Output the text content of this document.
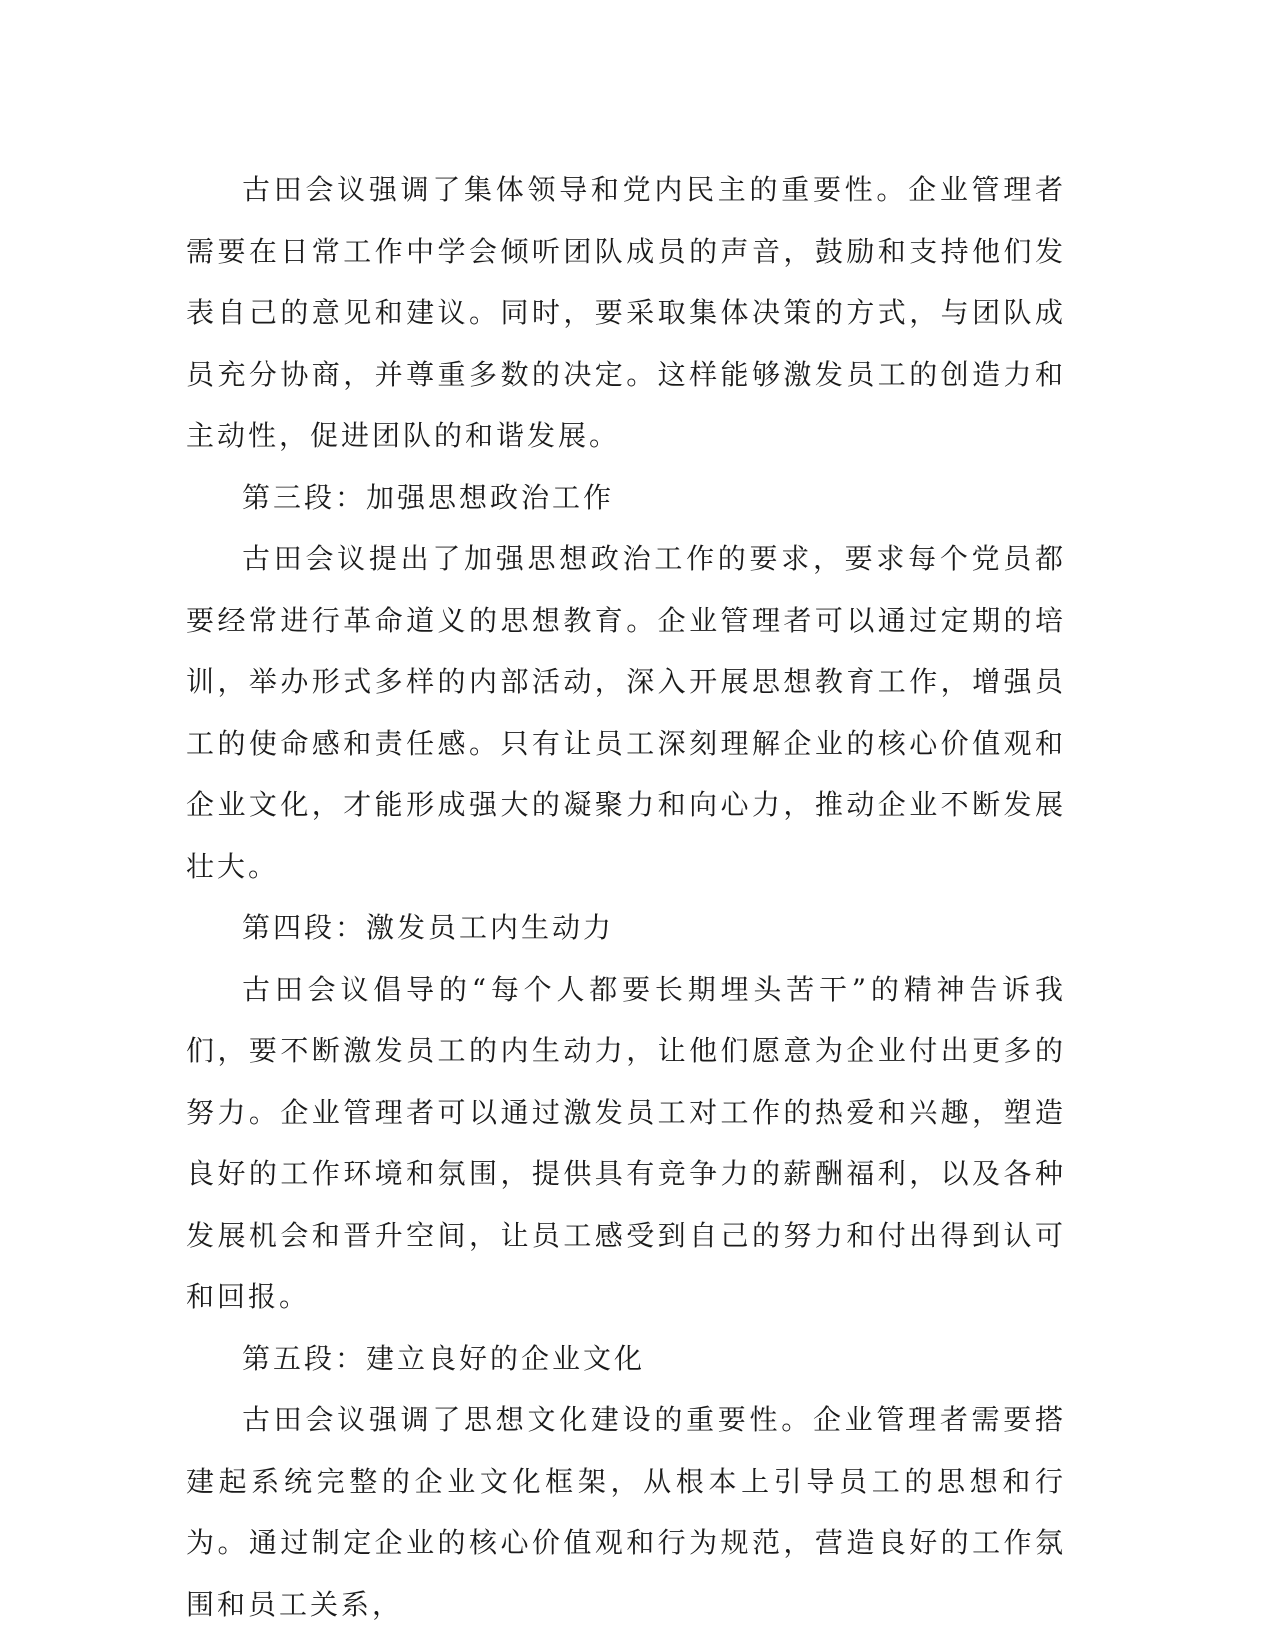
古田会议强调了集体领导和党内民主的重要性。企业管理者需要在日常工作中学会倾听团队成员的声音，鼓励和支持他们发表自己的意见和建议。同时，要采取集体决策的方式，与团队成员充分协商，并尊重多数的决定。这样能够激发员工的创造力和主动性，促进团队的和谐发展。

第三段：加强思想政治工作

古田会议提出了加强思想政治工作的要求，要求每个党员都要经常进行革命道义的思想教育。企业管理者可以通过定期的培训，举办形式多样的内部活动，深入开展思想教育工作，增强员工的使命感和责任感。只有让员工深刻理解企业的核心价值观和企业文化，才能形成强大的凝聚力和向心力，推动企业不断发展壮大。

第四段：激发员工内生动力

古田会议倡导的“每个人都要长期埋头苦干”的精神告诉我们，要不断激发员工的内生动力，让他们愿意为企业付出更多的努力。企业管理者可以通过激发员工对工作的热爱和兴趣，塑造良好的工作环境和氛围，提供具有竞争力的薪酬福利，以及各种发展机会和晋升空间，让员工感受到自己的努力和付出得到认可和回报。

第五段：建立良好的企业文化

古田会议强调了思想文化建设的重要性。企业管理者需要搭建起系统完整的企业文化框架，从根本上引导员工的思想和行为。通过制定企业的核心价值观和行为规范，营造良好的工作氛围和员工关系，
